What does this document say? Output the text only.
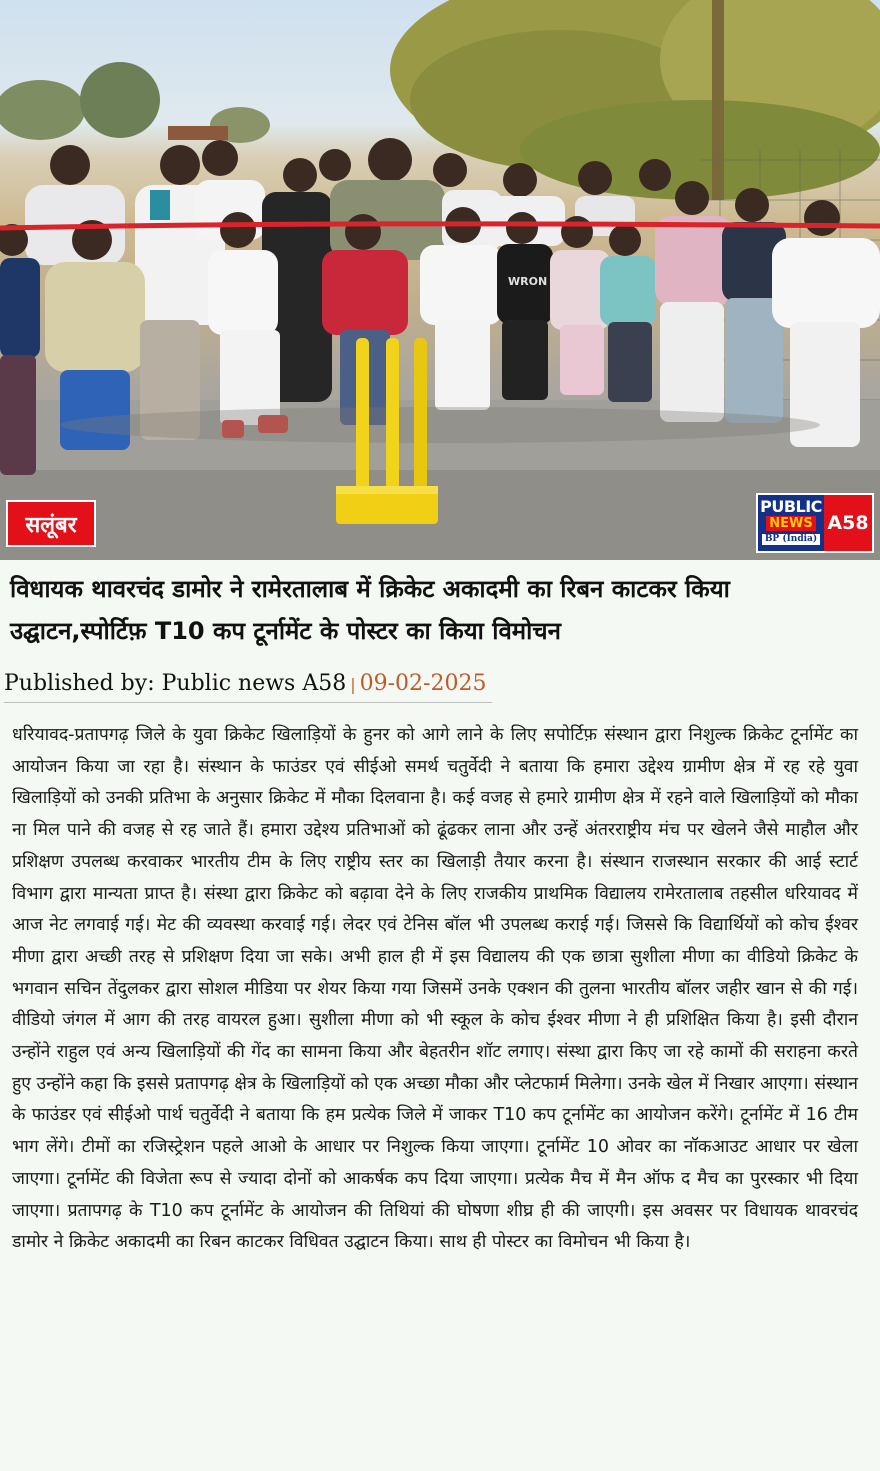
WRON
सलूंबर
PUBLIC
NEWS
BP (India)
A58
विधायक थावरचंद डामोर ने रामेरतालाब में क्रिकेट अकादमी का रिबन काटकर किया उद्घाटन,स्पोर्टिफ़ T10 कप टूर्नामेंट के पोस्टर का किया विमोचन
Published by: Public news A58 | 09-02-2025

धरियावद-प्रतापगढ़ जिले के युवा क्रिकेट खिलाड़ियों के हुनर को आगे लाने के लिए सपोर्टिफ़ संस्थान द्वारा निशुल्क क्रिकेट टूर्नामेंट का आयोजन किया जा रहा है। संस्थान के फाउंडर एवं सीईओ समर्थ चतुर्वेदी ने बताया कि हमारा उद्देश्य ग्रामीण क्षेत्र में रह रहे युवा खिलाड़ियों को उनकी प्रतिभा के अनुसार क्रिकेट में मौका दिलवाना है। कई वजह से हमारे ग्रामीण क्षेत्र में रहने वाले खिलाड़ियों को मौका ना मिल पाने की वजह से रह जाते हैं। हमारा उद्देश्य प्रतिभाओं को ढूंढकर लाना और उन्हें अंतरराष्ट्रीय मंच पर खेलने जैसे माहौल और प्रशिक्षण उपलब्ध करवाकर भारतीय टीम के लिए राष्ट्रीय स्तर का खिलाड़ी तैयार करना है। संस्थान राजस्थान सरकार की आई स्टार्ट विभाग द्वारा मान्यता प्राप्त है। संस्था द्वारा क्रिकेट को बढ़ावा देने के लिए राजकीय प्राथमिक विद्यालय रामेरतालाब तहसील धरियावद में आज नेट लगवाई गई। मेट की व्यवस्था करवाई गई। लेदर एवं टेनिस बॉल भी उपलब्ध कराई गई। जिससे कि विद्यार्थियों को कोच ईश्वर मीणा द्वारा अच्छी तरह से प्रशिक्षण दिया जा सके। अभी हाल ही में इस विद्यालय की एक छात्रा सुशीला मीणा का वीडियो क्रिकेट के भगवान सचिन तेंदुलकर द्वारा सोशल मीडिया पर शेयर किया गया जिसमें उनके एक्शन की तुलना भारतीय बॉलर जहीर खान से की गई। वीडियो जंगल में आग की तरह वायरल हुआ। सुशीला मीणा को भी स्कूल के कोच ईश्वर मीणा ने ही प्रशिक्षित किया है। इसी दौरान उन्होंने राहुल एवं अन्य खिलाड़ियों की गेंद का सामना किया और बेहतरीन शॉट लगाए। संस्था द्वारा किए जा रहे कामों की सराहना करते हुए उन्होंने कहा कि इससे प्रतापगढ़ क्षेत्र के खिलाड़ियों को एक अच्छा मौका और प्लेटफार्म मिलेगा। उनके खेल में निखार आएगा। संस्थान के फाउंडर एवं सीईओ पार्थ चतुर्वेदी ने बताया कि हम प्रत्येक जिले में जाकर T10 कप टूर्नामेंट का आयोजन करेंगे। टूर्नामेंट में 16 टीम भाग लेंगे। टीमों का रजिस्ट्रेशन पहले आओ के आधार पर निशुल्क किया जाएगा। टूर्नामेंट 10 ओवर का नॉकआउट आधार पर खेला जाएगा। टूर्नामेंट की विजेता रूप से ज्यादा दोनों को आकर्षक कप दिया जाएगा। प्रत्येक मैच में मैन ऑफ द मैच का पुरस्कार भी दिया जाएगा। प्रतापगढ़ के T10 कप टूर्नामेंट के आयोजन की तिथियां की घोषणा शीघ्र ही की जाएगी। इस अवसर पर विधायक थावरचंद डामोर ने क्रिकेट अकादमी का रिबन काटकर विधिवत उद्घाटन किया। साथ ही पोस्टर का विमोचन भी किया है।
